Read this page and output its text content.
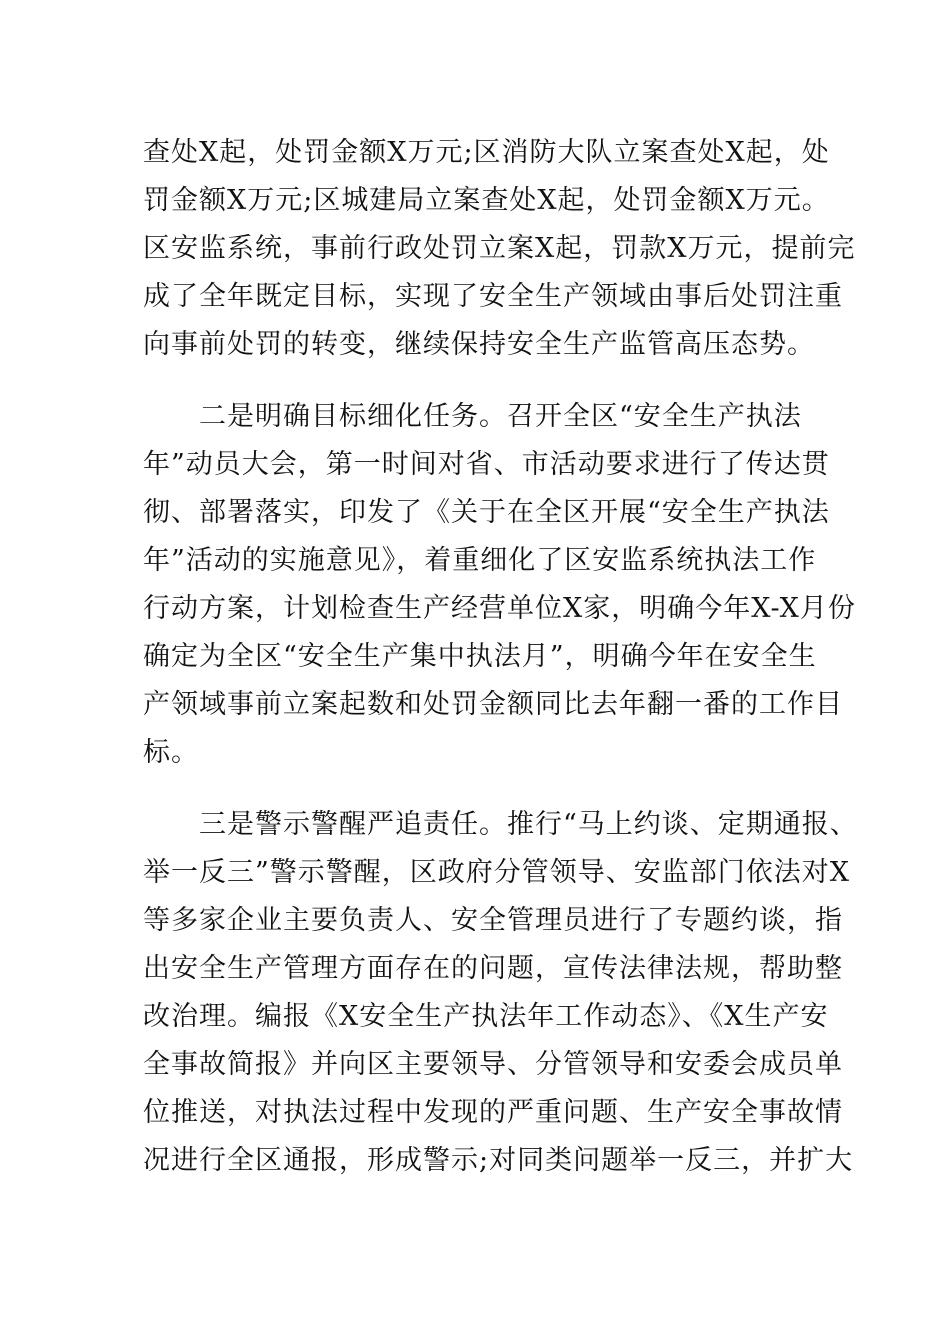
查处X起，处罚金额X万元;区消防大队立案查处X起，处
罚金额X万元;区城建局立案查处X起，处罚金额X万元。
区安监系统，事前行政处罚立案X起，罚款X万元，提前完
成了全年既定目标，实现了安全生产领域由事后处罚注重
向事前处罚的转变，继续保持安全生产监管高压态势。
二是明确目标细化任务。召开全区“安全生产执法
年”动员大会，第一时间对省、市活动要求进行了传达贯
彻、部署落实，印发了《关于在全区开展“安全生产执法
年”活动的实施意见》，着重细化了区安监系统执法工作
行动方案，计划检查生产经营单位X家，明确今年X-X月份
确定为全区“安全生产集中执法月”，明确今年在安全生
产领域事前立案起数和处罚金额同比去年翻一番的工作目
标。
三是警示警醒严追责任。推行“马上约谈、定期通报、
举一反三”警示警醒，区政府分管领导、安监部门依法对X
等多家企业主要负责人、安全管理员进行了专题约谈，指
出安全生产管理方面存在的问题，宣传法律法规，帮助整
改治理。编报《X安全生产执法年工作动态》、《X生产安
全事故简报》并向区主要领导、分管领导和安委会成员单
位推送，对执法过程中发现的严重问题、生产安全事故情
况进行全区通报，形成警示;对同类问题举一反三，并扩大
